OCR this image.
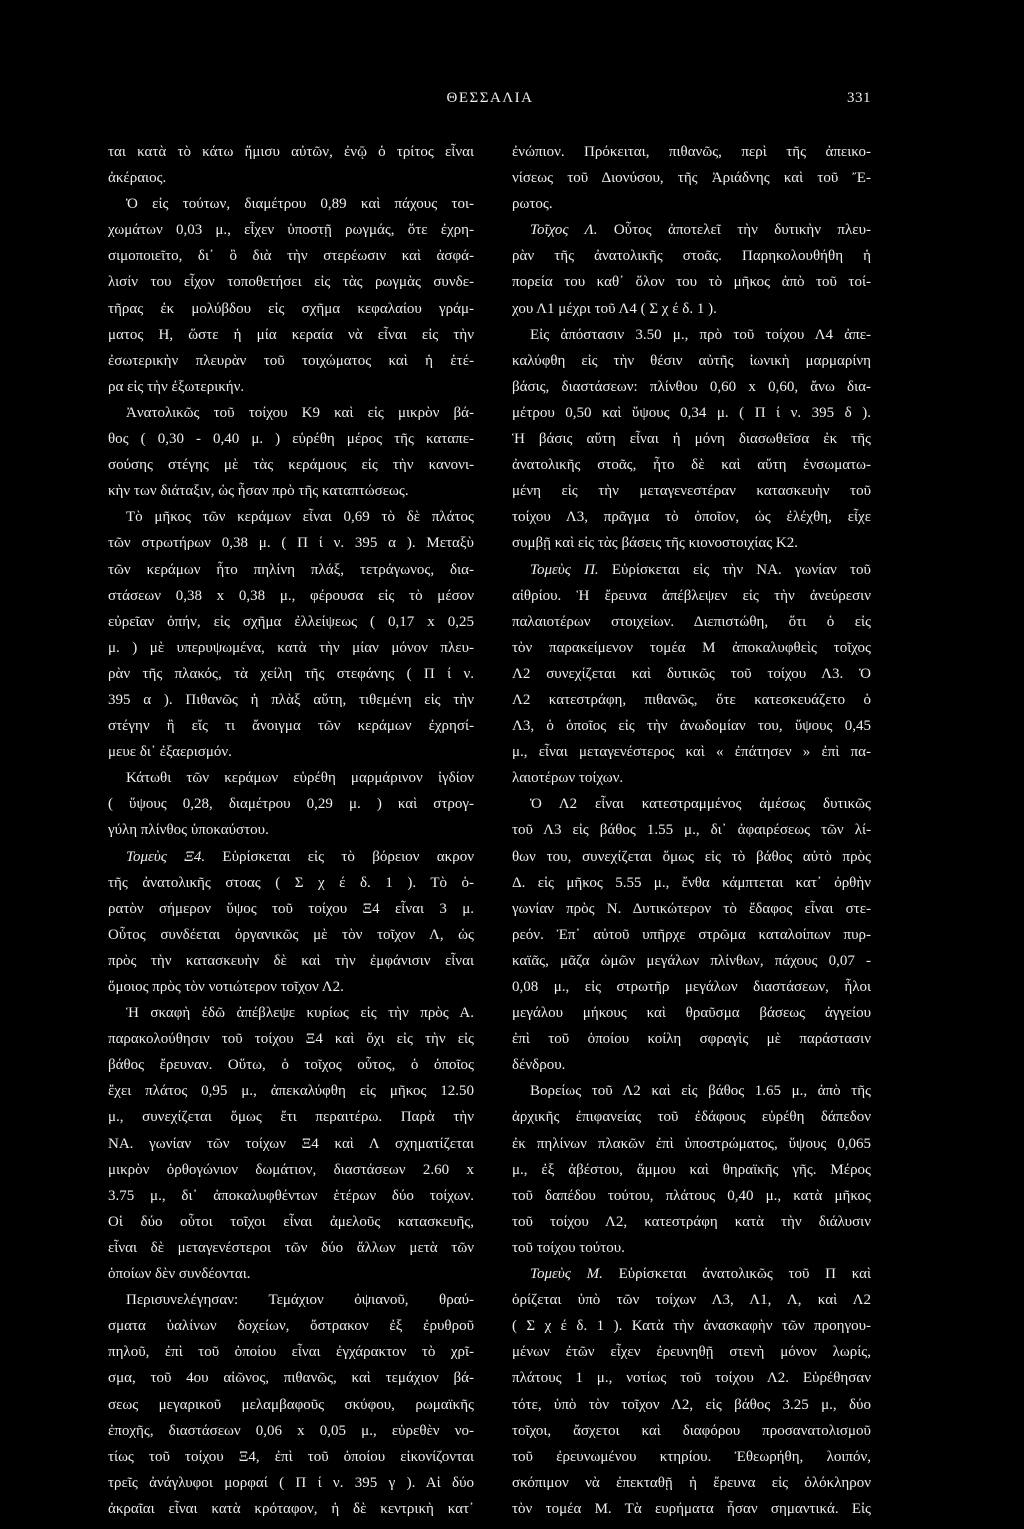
ΘΕΣΣΑΛΙΑ	331
ται κατὰ τὸ κάτω ἥμισυ αὐτῶν, ἐνῷ ὁ τρίτος εἶναι
ἀκέραιος.
Ὁ εἰς τούτων, διαμέτρου 0,89 καὶ πάχους τοι-
χωμάτων 0,03 μ., εἶχεν ὑποστῇ ρωγμάς, ὅτε ἐχρη-
σιμοποιεῖτο, δι᾽ ὃ διὰ τὴν στερέωσιν καὶ ἀσφά-
λισίν του εἶχον τοποθετήσει εἰς τὰς ρωγμὰς συνδε-
τῆρας ἐκ μολύβδου εἰς σχῆμα κεφαλαίου γράμ-
ματος Η, ὥστε ἡ μία κεραία νὰ εἶναι εἰς τὴν
ἐσωτερικὴν πλευρὰν τοῦ τοιχώματος καὶ ἡ ἑτέ-
ρα εἰς τὴν ἐξωτερικήν.
Ἀνατολικῶς τοῦ τοίχου Κ9 καὶ εἰς μικρὸν βά-
θος ( 0,30 - 0,40 μ. ) εὑρέθη μέρος τῆς καταπε-
σούσης στέγης μὲ τὰς κεράμους εἰς τὴν κανονι-
κὴν των διάταξιν, ὡς ἦσαν πρὸ τῆς καταπτώσεως.
Τὸ μῆκος τῶν κεράμων εἶναι 0,69 τὸ δὲ πλάτος
τῶν στρωτήρων 0,38 μ. ( Π ί ν. 395 α ). Μεταξὺ
τῶν κεράμων ἦτο πηλίνη πλάξ, τετράγωνος, δια-
στάσεων 0,38 x 0,38 μ., φέρουσα εἰς τὸ μέσον
εὐρεῖαν ὀπήν, εἰς σχῆμα ἐλλείψεως ( 0,17 x 0,25
μ. ) μὲ υπερυψωμένα, κατὰ τὴν μίαν μόνον πλευ-
ρὰν τῆς πλακός, τὰ χείλη τῆς στεφάνης ( Π ί ν.
395 α ). Πιθανῶς ἡ πλὰξ αὕτη, τιθεμένη εἰς τὴν
στέγην ἢ εἴς τι ἄνοιγμα τῶν κεράμων ἐχρησί-
μευε δι᾽ ἐξαερισμόν.
Κάτωθι τῶν κεράμων εὑρέθη μαρμάρινον ἰγδίον
( ὕψους 0,28, διαμέτρου 0,29 μ. ) καὶ στρογ-
γύλη πλίνθος ὑποκαύστου.
Τομεὺς Ξ4. Εὑρίσκεται εἰς τὸ βόρειον ακρον
τῆς ἀνατολικῆς στοας ( Σ χ έ δ. 1 ). Τὸ ὁ-
ρατὸν σήμερον ὕψος τοῦ τοίχου Ξ4 εἶναι 3 μ.
Οὗτος συνδέεται ὀργανικῶς μὲ τὸν τοῖχον Λ, ὡς
πρὸς τὴν κατασκευὴν δὲ καὶ τὴν ἐμφάνισιν εἶναι
ὅμοιος πρὸς τὸν νοτιώτερον τοῖχον Λ2.
Ἡ σκαφὴ ἐδῶ ἀπέβλεψε κυρίως εἰς τὴν πρὸς Α.
παρακολούθησιν τοῦ τοίχου Ξ4 καὶ ὄχι εἰς τὴν εἰς
βάθος ἔρευναν. Οὕτω, ὁ τοῖχος οὗτος, ὁ ὁποῖος
ἔχει πλάτος 0,95 μ., ἀπεκαλύφθη εἰς μῆκος 12.50
μ., συνεχίζεται ὅμως ἔτι περαιτέρω. Παρὰ τὴν
ΝΑ. γωνίαν τῶν τοίχων Ξ4 καὶ Λ σχηματίζεται
μικρὸν ὀρθογώνιον δωμάτιον, διαστάσεων 2.60 x
3.75 μ., δι᾽ ἀποκαλυφθέντων ἑτέρων δύο τοίχων.
Οἱ δύο οὗτοι τοῖχοι εἶναι ἀμελοῦς κατασκευῆς,
εἶναι δὲ μεταγενέστεροι τῶν δύο ἄλλων μετὰ τῶν
ὁποίων δὲν συνδέονται.
Περισυνελέγησαν: Τεμάχιον ὀψιανοῦ, θραύ-
σματα ὑαλίνων δοχείων, ὄστρακον ἐξ ἐρυθροῦ
πηλοῦ, ἐπὶ τοῦ ὁποίου εἶναι ἐγχάρακτον τὸ χρῖ-
σμα, τοῦ 4ου αἰῶνος, πιθανῶς, καὶ τεμάχιον βά-
σεως μεγαρικοῦ μελαμβαφοῦς σκύφου, ρωμαϊκῆς
ἐποχῆς, διαστάσεων 0,06 x 0,05 μ., εὑρεθὲν νο-
τίως τοῦ τοίχου Ξ4, ἐπὶ τοῦ ὁποίου εἰκονίζονται
τρεῖς ἀνάγλυφοι μορφαί ( Π ί ν. 395 γ ). Αἱ δύο
ἀκραῖαι εἶναι κατὰ κρόταφον, ἡ δὲ κεντρικὴ κατ᾽
ἐνώπιον. Πρόκειται, πιθανῶς, περὶ τῆς ἀπεικο-
νίσεως τοῦ Διονύσου, τῆς Ἀριάδνης καὶ τοῦ Ἔ-
ρωτος.
Τοῖχος Λ. Οὗτος ἀποτελεῖ τὴν δυτικὴν πλευ-
ρὰν τῆς ἀνατολικῆς στοᾶς. Παρηκολουθήθη ἡ
πορεία του καθ᾽ ὅλον του τὸ μῆκος ἀπὸ τοῦ τοί-
χου Λ1 μέχρι τοῦ Λ4 ( Σ χ έ δ. 1 ).
Εἰς ἀπόστασιν 3.50 μ., πρὸ τοῦ τοίχου Λ4 ἀπε-
καλύφθη εἰς τὴν θέσιν αὐτῆς ἰωνικὴ μαρμαρίνη
βάσις, διαστάσεων: πλίνθου 0,60 x 0,60, ἄνω δια-
μέτρου 0,50 καὶ ὕψους 0,34 μ. ( Π ί ν. 395 δ ).
Ἡ βάσις αὕτη εἶναι ἡ μόνη διασωθεῖσα ἐκ τῆς
ἀνατολικῆς στοᾶς, ἦτο δὲ καὶ αὕτη ἐνσωματω-
μένη εἰς τὴν μεταγενεστέραν κατασκευὴν τοῦ
τοίχου Λ3, πρᾶγμα τὸ ὁποῖον, ὡς ἐλέχθη, εἶχε
συμβῇ καὶ εἰς τὰς βάσεις τῆς κιονοστοιχίας Κ2.
Τομεὺς Π. Εὑρίσκεται εἰς τὴν ΝΑ. γωνίαν τοῦ
αἰθρίου. Ἡ ἔρευνα ἀπέβλεψεν εἰς τὴν ἀνεύρεσιν
παλαιοτέρων στοιχείων. Διεπιστώθη, ὅτι ὁ εἰς
τὸν παρακείμενον τομέα Μ ἀποκαλυφθεὶς τοῖχος
Λ2 συνεχίζεται καὶ δυτικῶς τοῦ τοίχου Λ3. Ὁ
Λ2 κατεστράφη, πιθανῶς, ὅτε κατεσκευάζετο ὁ
Λ3, ὁ ὁποῖος εἰς τὴν ἀνωδομίαν του, ὕψους 0,45
μ., εἶναι μεταγενέστερος καὶ « ἐπάτησεν » ἐπὶ πα-
λαιοτέρων τοίχων.
Ὁ Λ2 εἶναι κατεστραμμένος ἀμέσως δυτικῶς
τοῦ Λ3 εἰς βάθος 1.55 μ., δι᾽ ἀφαιρέσεως τῶν λί-
θων του, συνεχίζεται ὅμως εἰς τὸ βάθος αὐτὸ πρὸς
Δ. εἰς μῆκος 5.55 μ., ἔνθα κάμπτεται κατ᾽ ὀρθὴν
γωνίαν πρὸς Ν. Δυτικώτερον τὸ ἔδαφος εἶναι στε-
ρεόν. Ἐπ᾽ αὐτοῦ υπῆρχε στρῶμα καταλοίπων πυρ-
καϊᾶς, μᾶζα ὠμῶν μεγάλων πλίνθων, πάχους 0,07 -
0,08 μ., εἰς στρωτῆρ μεγάλων διαστάσεων, ἧλοι
μεγάλου μήκους καὶ θραῦσμα βάσεως ἀγγείου
ἐπὶ τοῦ ὁποίου κοίλη σφραγὶς μὲ παράστασιν
δένδρου.
Βορείως τοῦ Λ2 καὶ εἰς βάθος 1.65 μ., ἀπὸ τῆς
ἀρχικῆς ἐπιφανείας τοῦ ἐδάφους εὑρέθη δάπεδον
ἐκ πηλίνων πλακῶν ἐπὶ ὑποστρώματος, ὕψους 0,065
μ., ἐξ ἀβέστου, ἄμμου καὶ θηραϊκῆς γῆς. Μέρος
τοῦ δαπέδου τούτου, πλάτους 0,40 μ., κατὰ μῆκος
τοῦ τοίχου Λ2, κατεστράφη κατὰ τὴν διάλυσιν
τοῦ τοίχου τούτου.
Τομεὺς Μ. Εὑρίσκεται ἀνατολικῶς τοῦ Π καὶ
ὁρίζεται ὑπὸ τῶν τοίχων Λ3, Λ1, Λ, καὶ Λ2
( Σ χ έ δ. 1 ). Κατὰ τὴν ἀνασκαφὴν τῶν προηγου-
μένων ἐτῶν εἶχεν ἐρευνηθῇ στενὴ μόνον λωρίς,
πλάτους 1 μ., νοτίως τοῦ τοίχου Λ2. Εὑρέθησαν
τότε, ὑπὸ τὸν τοῖχον Λ2, εἰς βάθος 3.25 μ., δύο
τοῖχοι, ἄσχετοι καὶ διαφόρου προσανατολισμοῦ
τοῦ ἐρευνωμένου κτηρίου. Ἐθεωρήθη, λοιπόν,
σκόπιμον νὰ ἐπεκταθῇ ἡ ἔρευνα εἰς ὁλόκληρον
τὸν τομέα Μ. Τὰ ευρήματα ἦσαν σημαντικά. Εἰς
